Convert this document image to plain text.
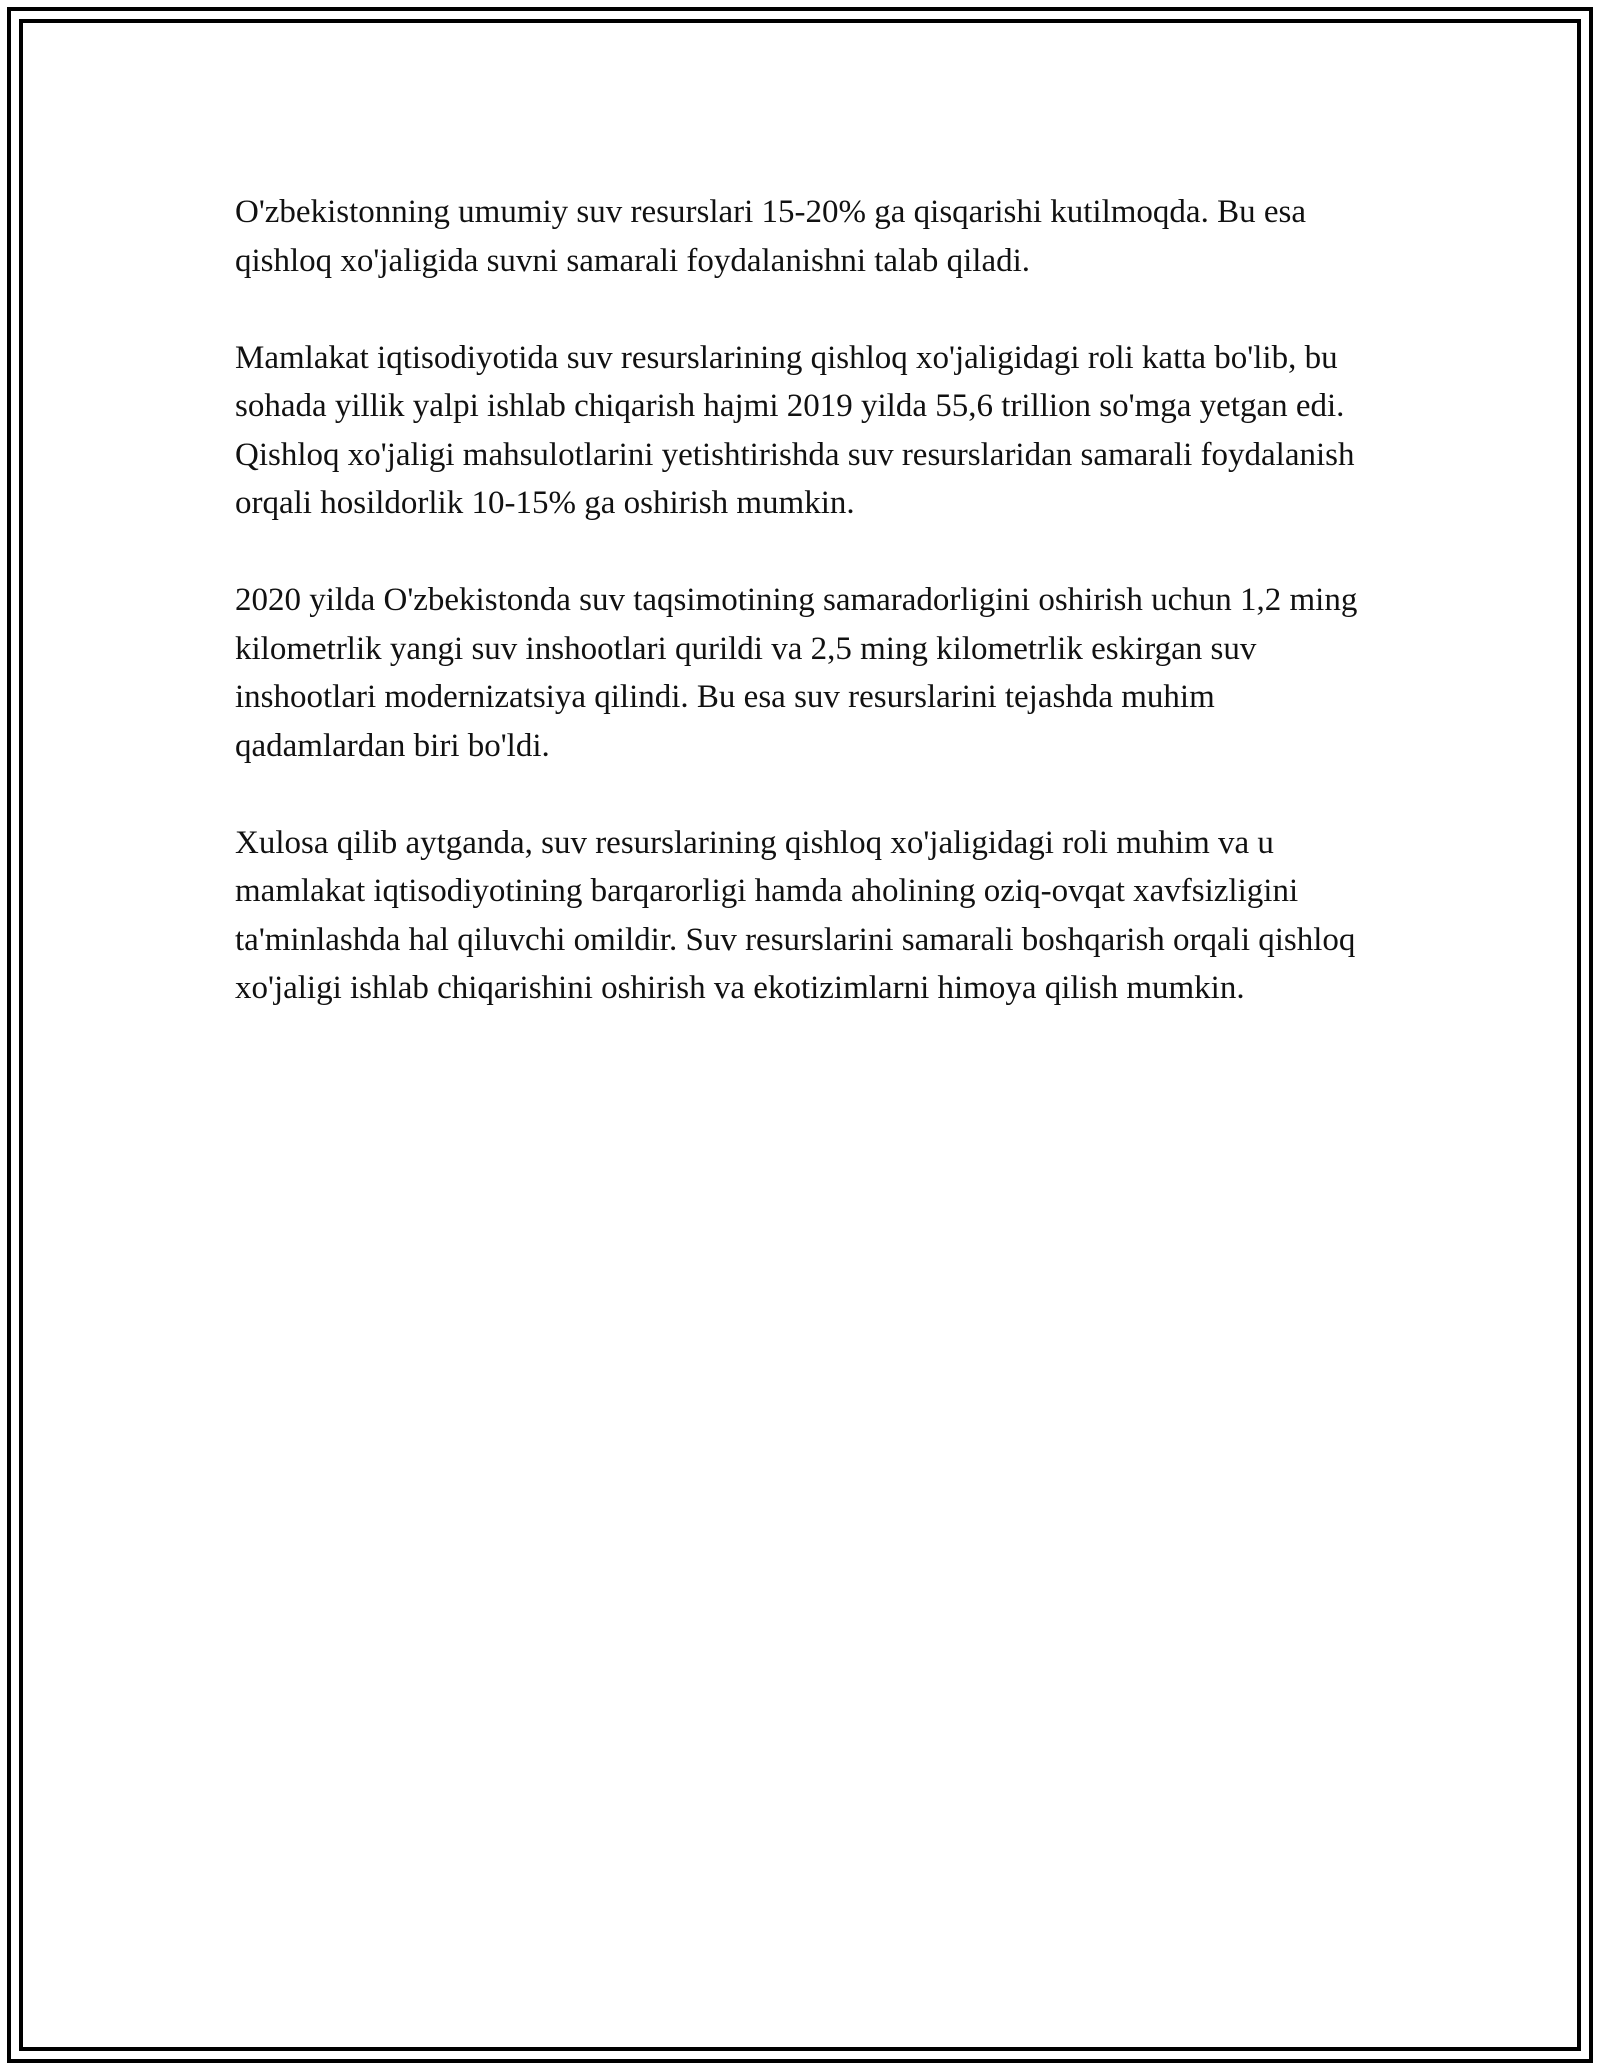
O'zbekistonning umumiy suv resurslari 15-20% ga qisqarishi kutilmoqda. Bu esa qishloq xo'jaligida suvni samarali foydalanishni talab qiladi.

Mamlakat iqtisodiyotida suv resurslarining qishloq xo'jaligidagi roli katta bo'lib, bu sohada yillik yalpi ishlab chiqarish hajmi 2019 yilda 55,6 trillion so'mga yetgan edi. Qishloq xo'jaligi mahsulotlarini yetishtirishda suv resurslaridan samarali foydalanish orqali hosildorlik 10-15% ga oshirish mumkin.

2020 yilda O'zbekistonda suv taqsimotining samaradorligini oshirish uchun 1,2 ming kilometrlik yangi suv inshootlari qurildi va 2,5 ming kilometrlik eskirgan suv inshootlari modernizatsiya qilindi. Bu esa suv resurslarini tejashda muhim qadamlardan biri bo'ldi.

Xulosa qilib aytganda, suv resurslarining qishloq xo'jaligidagi roli muhim va u mamlakat iqtisodiyotining barqarorligi hamda aholining oziq-ovqat xavfsizligini ta'minlashda hal qiluvchi omildir. Suv resurslarini samarali boshqarish orqali qishloq xo'jaligi ishlab chiqarishini oshirish va ekotizimlarni himoya qilish mumkin.
